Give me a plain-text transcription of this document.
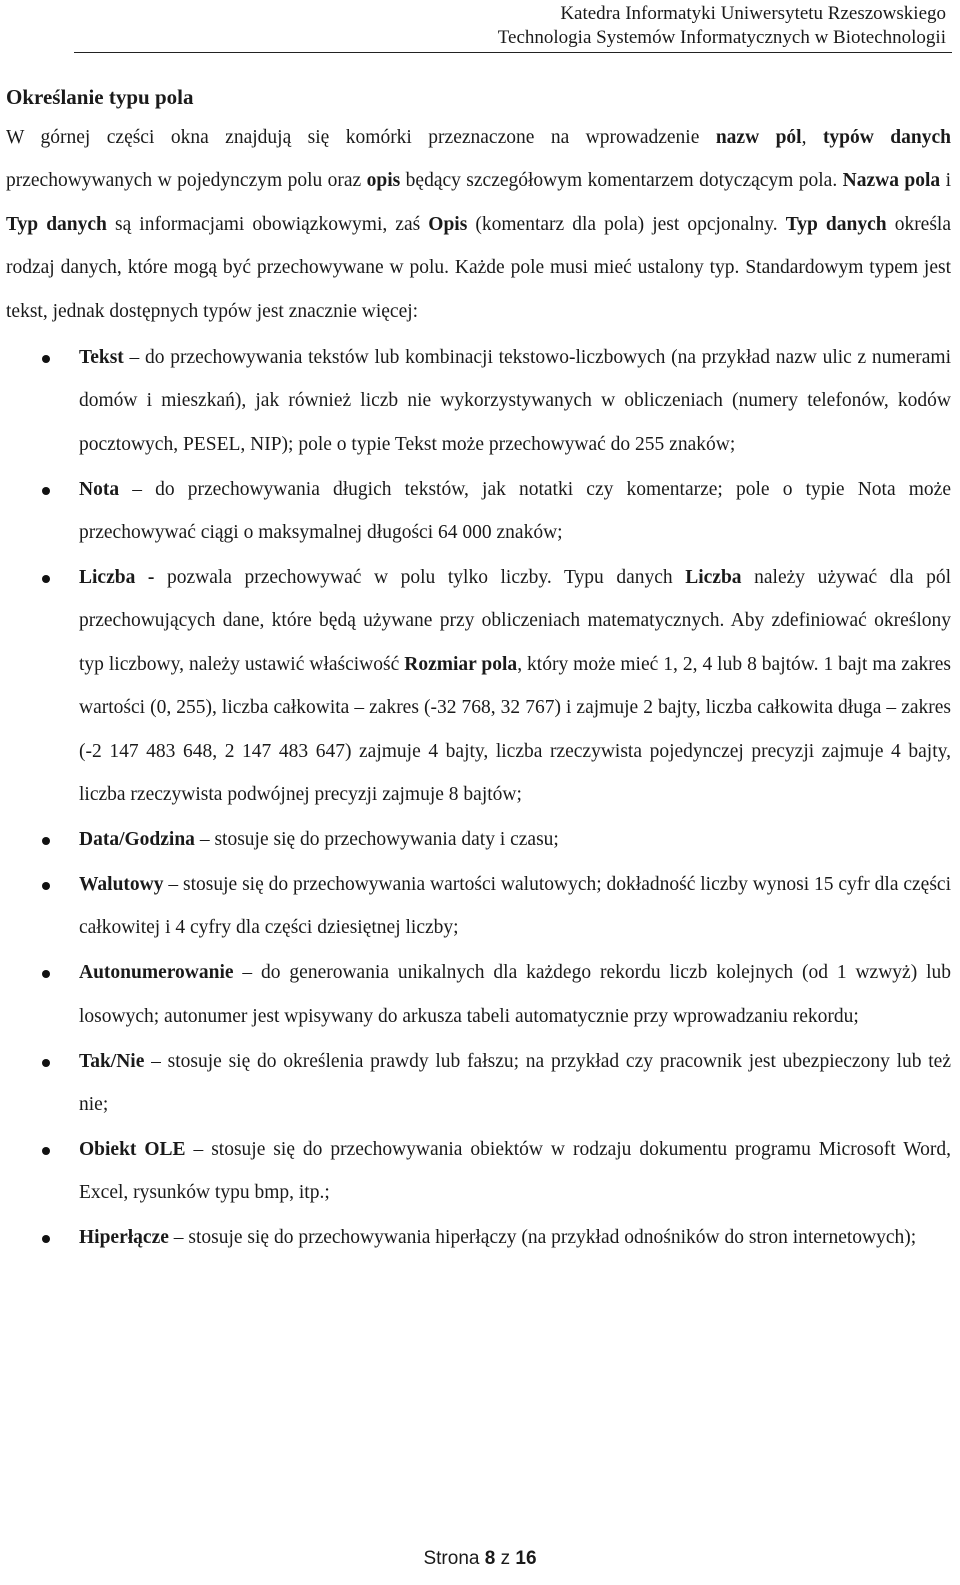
Katedra Informatyki Uniwersytetu Rzeszowskiego
Technologia Systemów Informatycznych w Biotechnologii
Określanie typu pola

W górnej części okna znajdują się komórki przeznaczone na wprowadzenie nazw pól, typów danych przechowywanych w pojedynczym polu oraz opis będący szczegółowym komentarzem dotyczącym pola. Nazwa pola i Typ danych są informacjami obowiązkowymi, zaś Opis (komentarz dla pola) jest opcjonalny. Typ danych określa rodzaj danych, które mogą być przechowywane w polu. Każde pole musi mieć ustalony typ. Standardowym typem jest tekst, jednak dostępnych typów jest znacznie więcej:

Tekst – do przechowywania tekstów lub kombinacji tekstowo-liczbowych (na przykład nazw ulic z numerami domów i mieszkań), jak również liczb nie wykorzystywanych w obliczeniach (numery telefonów, kodów pocztowych, PESEL, NIP); pole o typie Tekst może przechowywać do 255 znaków;
Nota – do przechowywania długich tekstów, jak notatki czy komentarze; pole o typie Nota może przechowywać ciągi o maksymalnej długości 64 000 znaków;
Liczba - pozwala przechowywać w polu tylko liczby. Typu danych Liczba należy używać dla pól przechowujących dane, które będą używane przy obliczeniach matematycznych. Aby zdefiniować określony typ liczbowy, należy ustawić właściwość Rozmiar pola, który może mieć 1, 2, 4 lub 8 bajtów. 1 bajt ma zakres wartości (0, 255), liczba całkowita – zakres (-32 768, 32 767) i zajmuje 2 bajty, liczba całkowita długa – zakres (-2 147 483 648, 2 147 483 647) zajmuje 4 bajty, liczba rzeczywista pojedynczej precyzji zajmuje 4 bajty, liczba rzeczywista podwójnej precyzji zajmuje 8 bajtów;
Data/Godzina – stosuje się do przechowywania daty i czasu;
Walutowy – stosuje się do przechowywania wartości walutowych; dokładność liczby wynosi 15 cyfr dla części całkowitej i 4 cyfry dla części dziesiętnej liczby;
Autonumerowanie – do generowania unikalnych dla każdego rekordu liczb kolejnych (od 1 wzwyż) lub losowych; autonumer jest wpisywany do arkusza tabeli automatycznie przy wprowadzaniu rekordu;
Tak/Nie – stosuje się do określenia prawdy lub fałszu; na przykład czy pracownik jest ubezpieczony lub też nie;
Obiekt OLE – stosuje się do przechowywania obiektów w rodzaju dokumentu programu Microsoft Word, Excel, rysunków typu bmp, itp.;
Hiperłącze – stosuje się do przechowywania hiperłączy (na przykład odnośników do stron internetowych);
Strona 8 z 16
